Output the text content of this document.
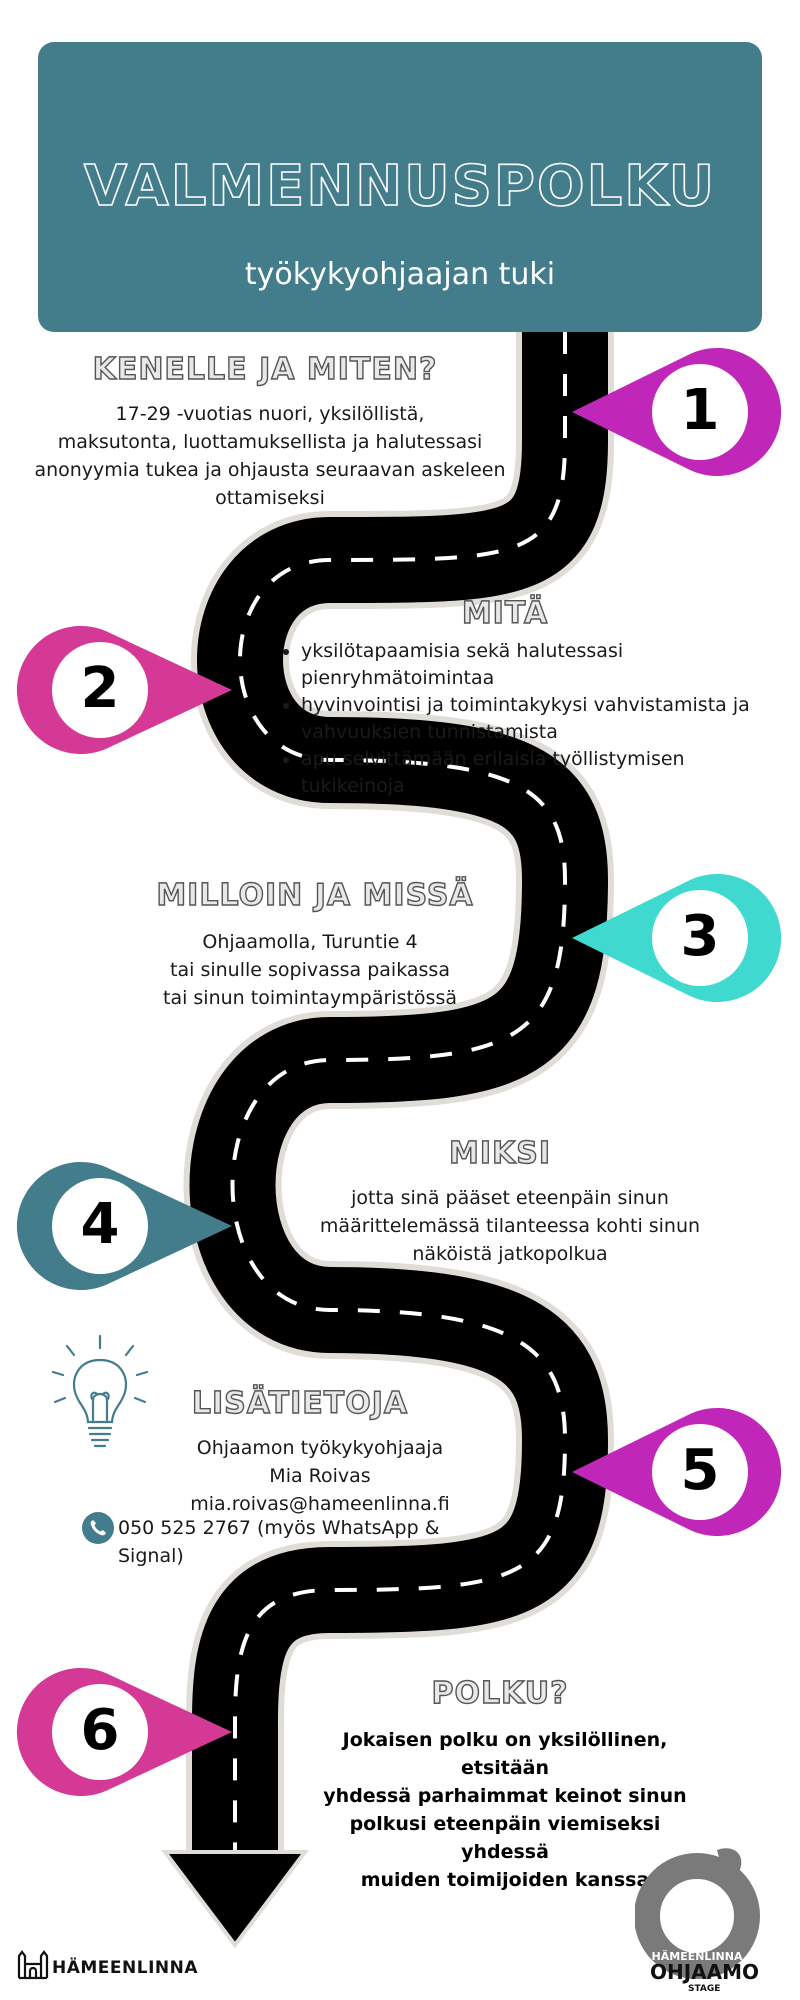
VALMENNUSPOLKU
työkykyohjaajan tuki
1
2
3
4
5
6
KENELLE JA MITEN?
17-29 -vuotias nuori, yksilöllistä,
maksutonta, luottamuksellista ja halutessasi
anonyymia tukea ja ohjausta seuraavan askeleen
ottamiseksi
MITÄ
• yksilötapaamisia sekä halutessasi pienryhmätoimintaa
• hyvinvointisi ja toimintakykysi vahvistamista ja vahvuuksien tunnistamista
• apu selvittämään erilaisia työllistymisen tukikeinoja
MILLOIN JA MISSÄ
Ohjaamolla, Turuntie 4
tai sinulle sopivassa paikassa
tai sinun toimintaympäristössä
MIKSI
jotta sinä pääset eteenpäin sinun
määrittelemässä tilanteessa kohti sinun
näköistä jatkopolkua
LISÄTIETOJA
Ohjaamon työkykyohjaaja
Mia Roivas
mia.roivas@hameenlinna.fi
050 525 2767 (myös WhatsApp & Signal)
POLKU?
Jokaisen polku on yksilöllinen, etsitään
yhdessä parhaimmat keinot sinun
polkusi eteenpäin viemiseksi yhdessä
muiden toimijoiden kanssa
HÄMEENLINNA
HÄMEENLINNA
OHJAAMO
STAGE
